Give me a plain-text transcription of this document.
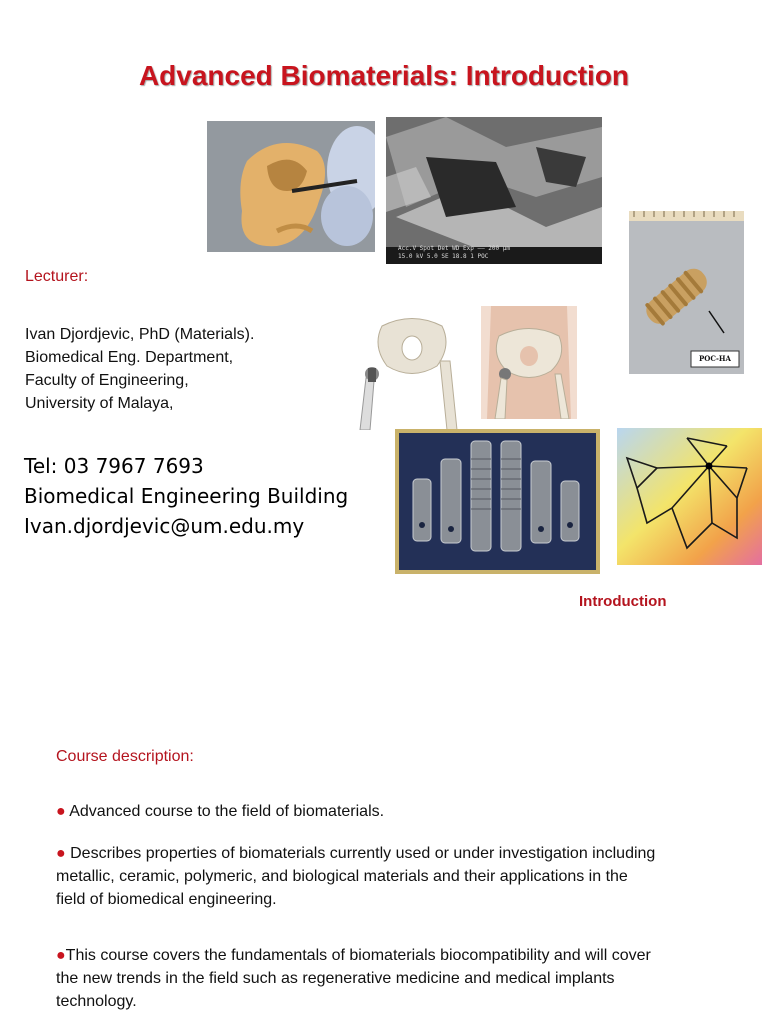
Advanced Biomaterials: Introduction
Acc.V Spot Det WD Exp —— 200 µm
15.0 kV 5.0 SE 18.8 1 POC
POC-HA
Lecturer:
Ivan Djordjevic, PhD (Materials).
Biomedical Eng. Department,
Faculty of Engineering,
University of Malaya,
Tel: 03 7967 7693
Biomedical Engineering Building
Ivan.djordjevic@um.edu.my
Introduction
Course description:
● Advanced course to the field of biomaterials.
● Describes properties of biomaterials currently used or under investigation including metallic, ceramic, polymeric, and biological materials and their applications in the field of biomedical engineering.
●This course covers the fundamentals of biomaterials biocompatibility and will cover the new trends in the field such as regenerative medicine and medical implants technology.
